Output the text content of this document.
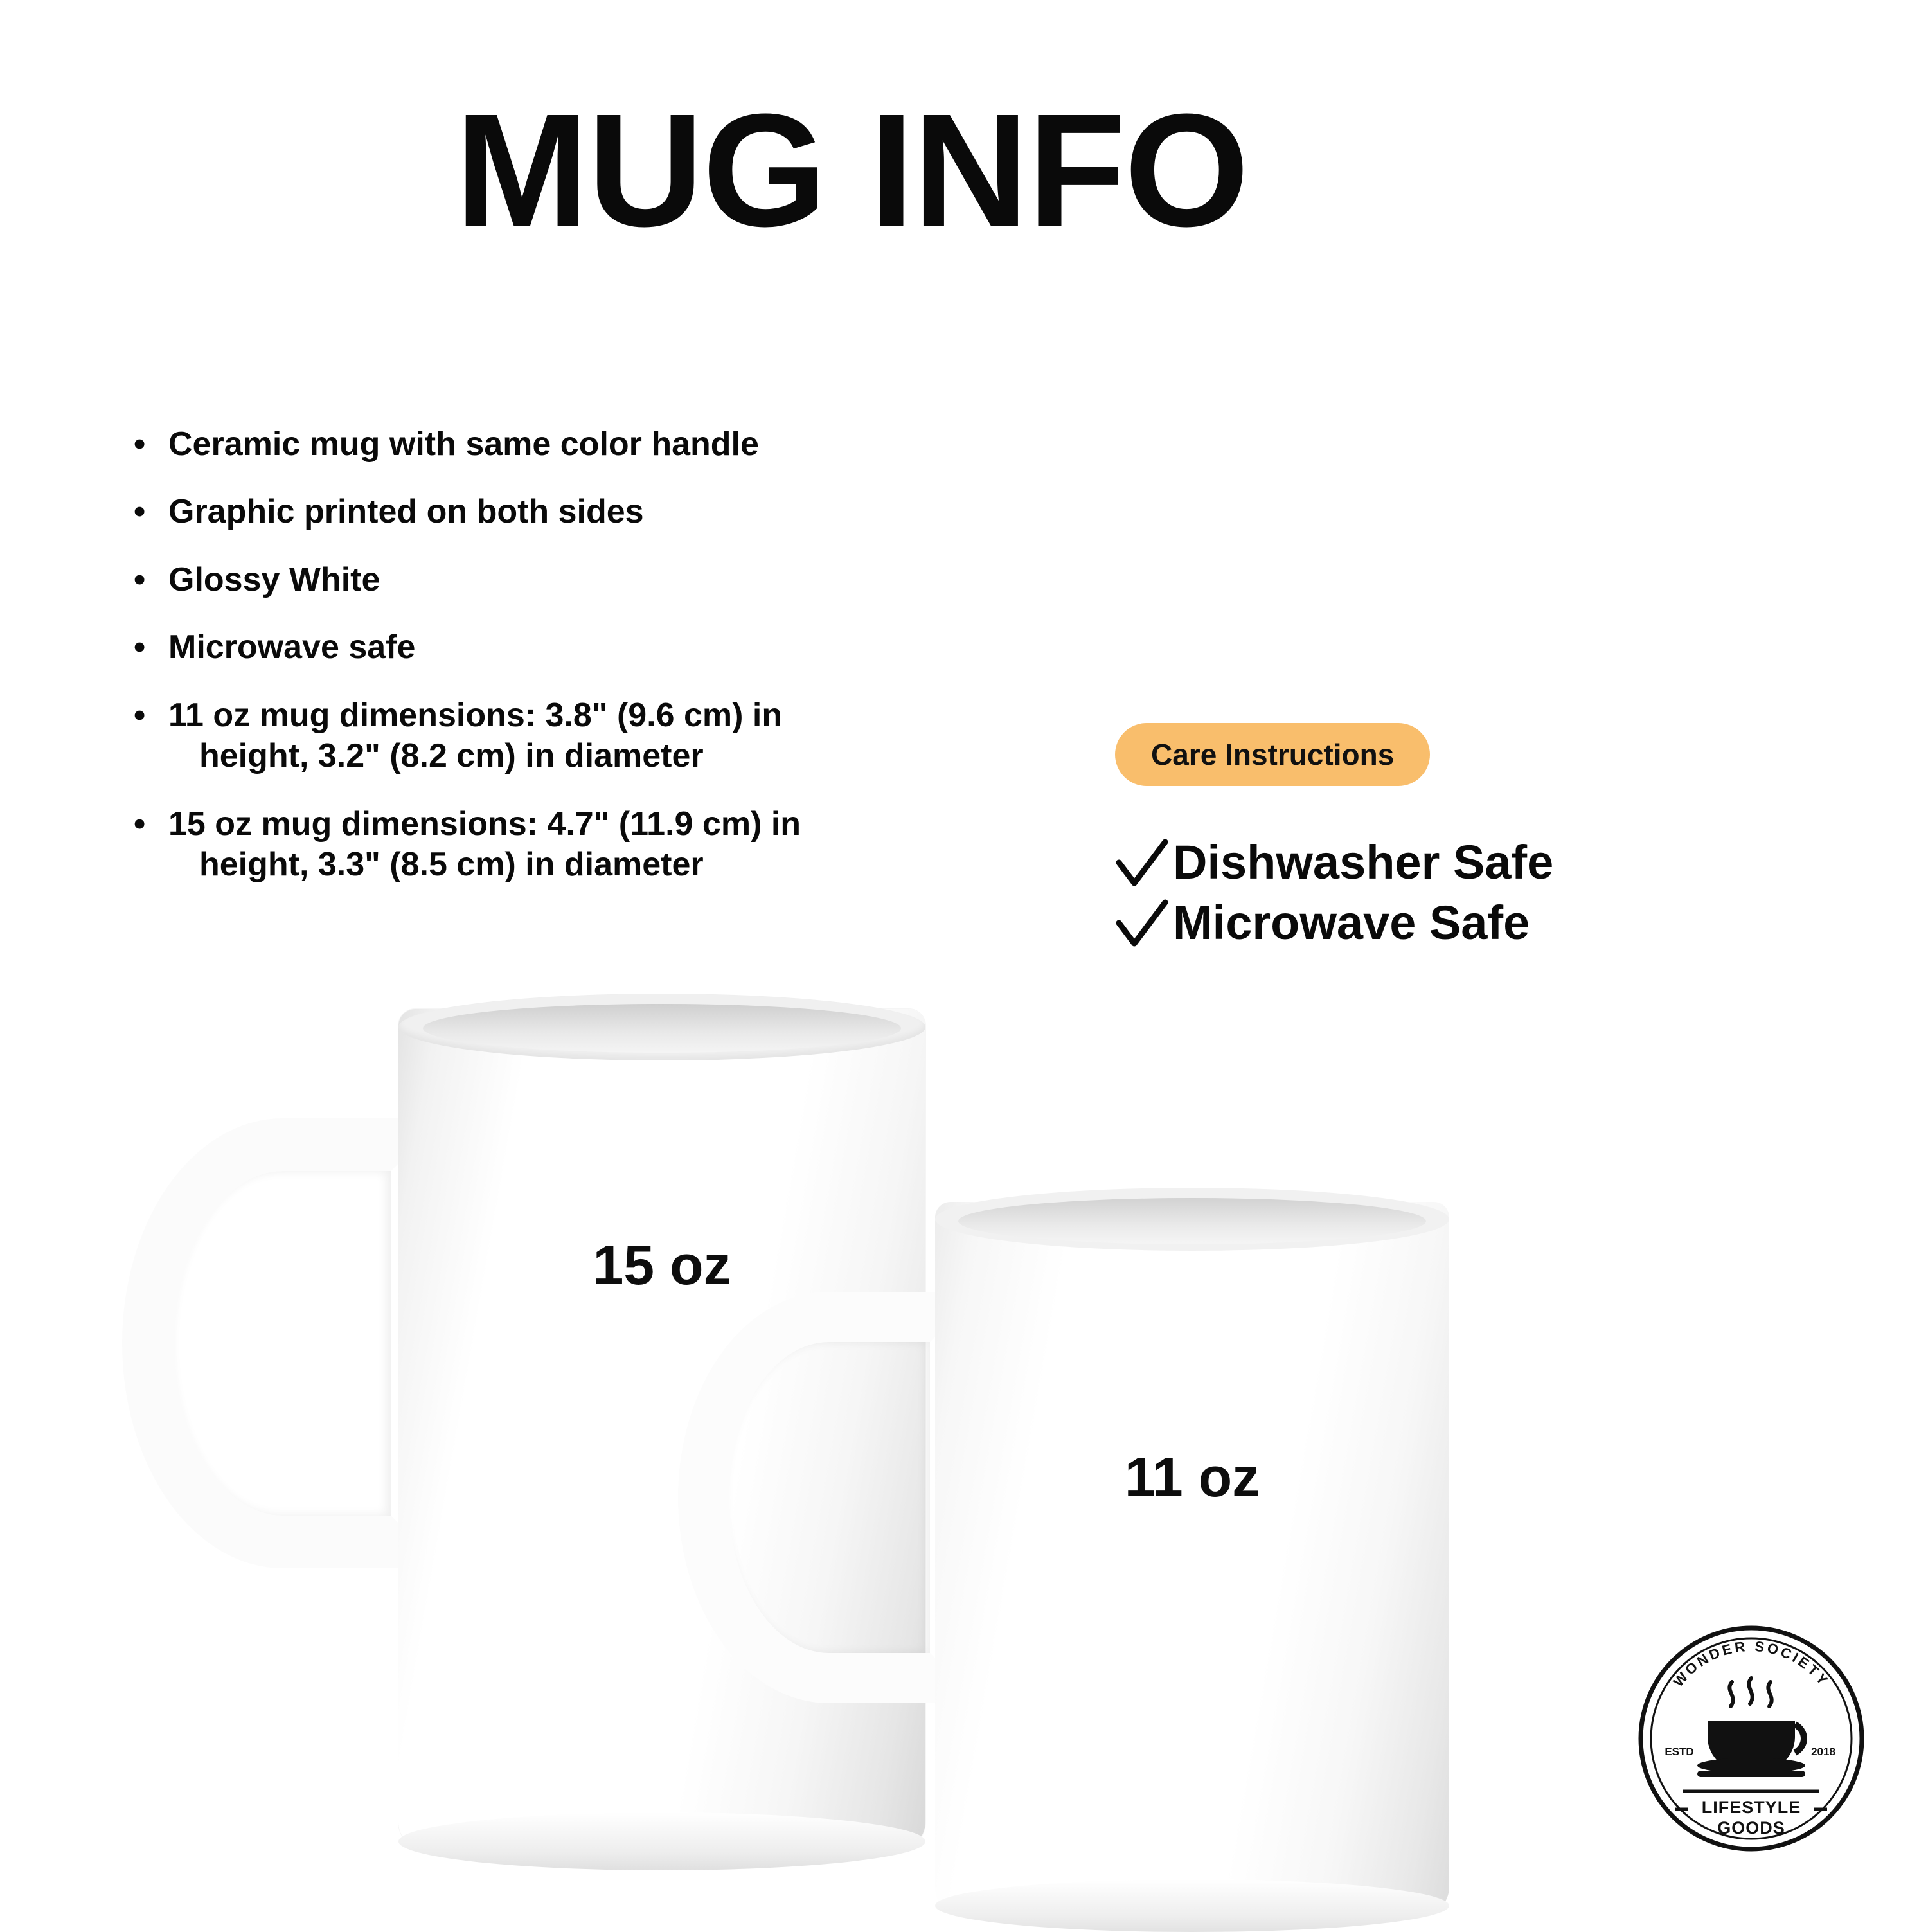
MUG INFO
• Ceramic mug with same color handle
• Graphic printed on both sides
• Glossy White
• Microwave safe
• 11 oz mug dimensions: 3.8" (9.6 cm) in
height, 3.2" (8.2 cm) in diameter
• 15 oz mug dimensions: 4.7" (11.9 cm) in
height, 3.3" (8.5 cm) in diameter
Care Instructions
Dishwasher Safe
Microwave Safe
15 oz
11 oz
WONDER SOCIETY
ESTD	2018
LIFESTYLE
GOODS
